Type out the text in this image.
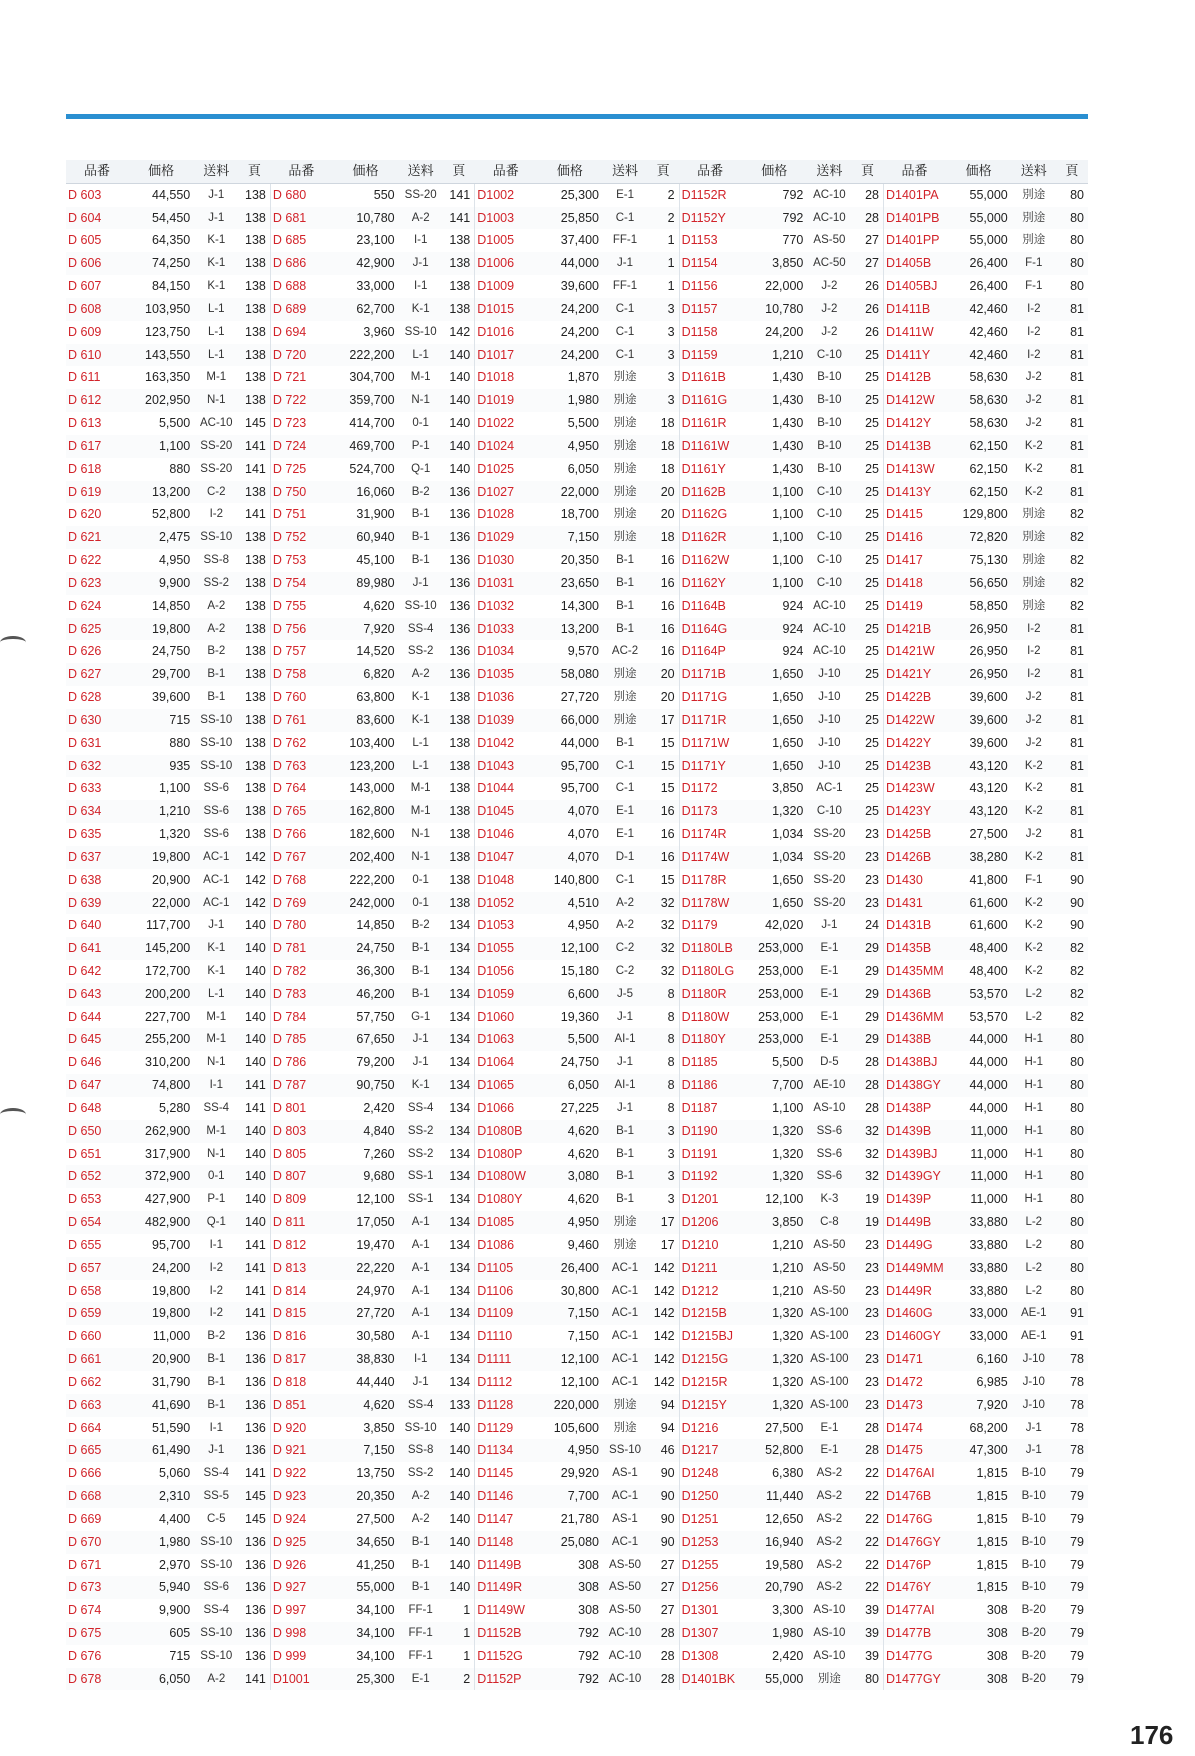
品番	価格	送料	頁	品番	価格	送料	頁	品番	価格	送料	頁	品番	価格	送料	頁	品番	価格	送料	頁
D 603	44,550	J-1	138	D 680	550	SS-20	141	D1002	25,300	E-1	2	D1152R	792	AC-10	28	D1401PA	55,000	別途	80
D 604	54,450	J-1	138	D 681	10,780	A-2	141	D1003	25,850	C-1	2	D1152Y	792	AC-10	28	D1401PB	55,000	別途	80
D 605	64,350	K-1	138	D 685	23,100	I-1	138	D1005	37,400	FF-1	1	D1153	770	AS-50	27	D1401PP	55,000	別途	80
D 606	74,250	K-1	138	D 686	42,900	J-1	138	D1006	44,000	J-1	1	D1154	3,850	AC-50	27	D1405B	26,400	F-1	80
D 607	84,150	K-1	138	D 688	33,000	I-1	138	D1009	39,600	FF-1	1	D1156	22,000	J-2	26	D1405BJ	26,400	F-1	80
D 608	103,950	L-1	138	D 689	62,700	K-1	138	D1015	24,200	C-1	3	D1157	10,780	J-2	26	D1411B	42,460	I-2	81
D 609	123,750	L-1	138	D 694	3,960	SS-10	142	D1016	24,200	C-1	3	D1158	24,200	J-2	26	D1411W	42,460	I-2	81
D 610	143,550	L-1	138	D 720	222,200	L-1	140	D1017	24,200	C-1	3	D1159	1,210	C-10	25	D1411Y	42,460	I-2	81
D 611	163,350	M-1	138	D 721	304,700	M-1	140	D1018	1,870	別途	3	D1161B	1,430	B-10	25	D1412B	58,630	J-2	81
D 612	202,950	N-1	138	D 722	359,700	N-1	140	D1019	1,980	別途	3	D1161G	1,430	B-10	25	D1412W	58,630	J-2	81
D 613	5,500	AC-10	145	D 723	414,700	0-1	140	D1022	5,500	別途	18	D1161R	1,430	B-10	25	D1412Y	58,630	J-2	81
D 617	1,100	SS-20	141	D 724	469,700	P-1	140	D1024	4,950	別途	18	D1161W	1,430	B-10	25	D1413B	62,150	K-2	81
D 618	880	SS-20	141	D 725	524,700	Q-1	140	D1025	6,050	別途	18	D1161Y	1,430	B-10	25	D1413W	62,150	K-2	81
D 619	13,200	C-2	138	D 750	16,060	B-2	136	D1027	22,000	別途	20	D1162B	1,100	C-10	25	D1413Y	62,150	K-2	81
D 620	52,800	I-2	141	D 751	31,900	B-1	136	D1028	18,700	別途	20	D1162G	1,100	C-10	25	D1415	129,800	別途	82
D 621	2,475	SS-10	138	D 752	60,940	B-1	136	D1029	7,150	別途	18	D1162R	1,100	C-10	25	D1416	72,820	別途	82
D 622	4,950	SS-8	138	D 753	45,100	B-1	136	D1030	20,350	B-1	16	D1162W	1,100	C-10	25	D1417	75,130	別途	82
D 623	9,900	SS-2	138	D 754	89,980	J-1	136	D1031	23,650	B-1	16	D1162Y	1,100	C-10	25	D1418	56,650	別途	82
D 624	14,850	A-2	138	D 755	4,620	SS-10	136	D1032	14,300	B-1	16	D1164B	924	AC-10	25	D1419	58,850	別途	82
D 625	19,800	A-2	138	D 756	7,920	SS-4	136	D1033	13,200	B-1	16	D1164G	924	AC-10	25	D1421B	26,950	I-2	81
D 626	24,750	B-2	138	D 757	14,520	SS-2	136	D1034	9,570	AC-2	16	D1164P	924	AC-10	25	D1421W	26,950	I-2	81
D 627	29,700	B-1	138	D 758	6,820	A-2	136	D1035	58,080	別途	20	D1171B	1,650	J-10	25	D1421Y	26,950	I-2	81
D 628	39,600	B-1	138	D 760	63,800	K-1	138	D1036	27,720	別途	20	D1171G	1,650	J-10	25	D1422B	39,600	J-2	81
D 630	715	SS-10	138	D 761	83,600	K-1	138	D1039	66,000	別途	17	D1171R	1,650	J-10	25	D1422W	39,600	J-2	81
D 631	880	SS-10	138	D 762	103,400	L-1	138	D1042	44,000	B-1	15	D1171W	1,650	J-10	25	D1422Y	39,600	J-2	81
D 632	935	SS-10	138	D 763	123,200	L-1	138	D1043	95,700	C-1	15	D1171Y	1,650	J-10	25	D1423B	43,120	K-2	81
D 633	1,100	SS-6	138	D 764	143,000	M-1	138	D1044	95,700	C-1	15	D1172	3,850	AC-1	25	D1423W	43,120	K-2	81
D 634	1,210	SS-6	138	D 765	162,800	M-1	138	D1045	4,070	E-1	16	D1173	1,320	C-10	25	D1423Y	43,120	K-2	81
D 635	1,320	SS-6	138	D 766	182,600	N-1	138	D1046	4,070	E-1	16	D1174R	1,034	SS-20	23	D1425B	27,500	J-2	81
D 637	19,800	AC-1	142	D 767	202,400	N-1	138	D1047	4,070	D-1	16	D1174W	1,034	SS-20	23	D1426B	38,280	K-2	81
D 638	20,900	AC-1	142	D 768	222,200	0-1	138	D1048	140,800	C-1	15	D1178R	1,650	SS-20	23	D1430	41,800	F-1	90
D 639	22,000	AC-1	142	D 769	242,000	0-1	138	D1052	4,510	A-2	32	D1178W	1,650	SS-20	23	D1431	61,600	K-2	90
D 640	117,700	J-1	140	D 780	14,850	B-2	134	D1053	4,950	A-2	32	D1179	42,020	J-1	24	D1431B	61,600	K-2	90
D 641	145,200	K-1	140	D 781	24,750	B-1	134	D1055	12,100	C-2	32	D1180LB	253,000	E-1	29	D1435B	48,400	K-2	82
D 642	172,700	K-1	140	D 782	36,300	B-1	134	D1056	15,180	C-2	32	D1180LG	253,000	E-1	29	D1435MM	48,400	K-2	82
D 643	200,200	L-1	140	D 783	46,200	B-1	134	D1059	6,600	J-5	8	D1180R	253,000	E-1	29	D1436B	53,570	L-2	82
D 644	227,700	M-1	140	D 784	57,750	G-1	134	D1060	19,360	J-1	8	D1180W	253,000	E-1	29	D1436MM	53,570	L-2	82
D 645	255,200	M-1	140	D 785	67,650	J-1	134	D1063	5,500	AI-1	8	D1180Y	253,000	E-1	29	D1438B	44,000	H-1	80
D 646	310,200	N-1	140	D 786	79,200	J-1	134	D1064	24,750	J-1	8	D1185	5,500	D-5	28	D1438BJ	44,000	H-1	80
D 647	74,800	I-1	141	D 787	90,750	K-1	134	D1065	6,050	AI-1	8	D1186	7,700	AE-10	28	D1438GY	44,000	H-1	80
D 648	5,280	SS-4	141	D 801	2,420	SS-4	134	D1066	27,225	J-1	8	D1187	1,100	AS-10	28	D1438P	44,000	H-1	80
D 650	262,900	M-1	140	D 803	4,840	SS-2	134	D1080B	4,620	B-1	3	D1190	1,320	SS-6	32	D1439B	11,000	H-1	80
D 651	317,900	N-1	140	D 805	7,260	SS-2	134	D1080P	4,620	B-1	3	D1191	1,320	SS-6	32	D1439BJ	11,000	H-1	80
D 652	372,900	0-1	140	D 807	9,680	SS-1	134	D1080W	3,080	B-1	3	D1192	1,320	SS-6	32	D1439GY	11,000	H-1	80
D 653	427,900	P-1	140	D 809	12,100	SS-1	134	D1080Y	4,620	B-1	3	D1201	12,100	K-3	19	D1439P	11,000	H-1	80
D 654	482,900	Q-1	140	D 811	17,050	A-1	134	D1085	4,950	別途	17	D1206	3,850	C-8	19	D1449B	33,880	L-2	80
D 655	95,700	I-1	141	D 812	19,470	A-1	134	D1086	9,460	別途	17	D1210	1,210	AS-50	23	D1449G	33,880	L-2	80
D 657	24,200	I-2	141	D 813	22,220	A-1	134	D1105	26,400	AC-1	142	D1211	1,210	AS-50	23	D1449MM	33,880	L-2	80
D 658	19,800	I-2	141	D 814	24,970	A-1	134	D1106	30,800	AC-1	142	D1212	1,210	AS-50	23	D1449R	33,880	L-2	80
D 659	19,800	I-2	141	D 815	27,720	A-1	134	D1109	7,150	AC-1	142	D1215B	1,320	AS-100	23	D1460G	33,000	AE-1	91
D 660	11,000	B-2	136	D 816	30,580	A-1	134	D1110	7,150	AC-1	142	D1215BJ	1,320	AS-100	23	D1460GY	33,000	AE-1	91
D 661	20,900	B-1	136	D 817	38,830	I-1	134	D1111	12,100	AC-1	142	D1215G	1,320	AS-100	23	D1471	6,160	J-10	78
D 662	31,790	B-1	136	D 818	44,440	J-1	134	D1112	12,100	AC-1	142	D1215R	1,320	AS-100	23	D1472	6,985	J-10	78
D 663	41,690	B-1	136	D 851	4,620	SS-4	133	D1128	220,000	別途	94	D1215Y	1,320	AS-100	23	D1473	7,920	J-10	78
D 664	51,590	I-1	136	D 920	3,850	SS-10	140	D1129	105,600	別途	94	D1216	27,500	E-1	28	D1474	68,200	J-1	78
D 665	61,490	J-1	136	D 921	7,150	SS-8	140	D1134	4,950	SS-10	46	D1217	52,800	E-1	28	D1475	47,300	J-1	78
D 666	5,060	SS-4	141	D 922	13,750	SS-2	140	D1145	29,920	AS-1	90	D1248	6,380	AS-2	22	D1476AI	1,815	B-10	79
D 668	2,310	SS-5	145	D 923	20,350	A-2	140	D1146	7,700	AC-1	90	D1250	11,440	AS-2	22	D1476B	1,815	B-10	79
D 669	4,400	C-5	145	D 924	27,500	A-2	140	D1147	21,780	AS-1	90	D1251	12,650	AS-2	22	D1476G	1,815	B-10	79
D 670	1,980	SS-10	136	D 925	34,650	B-1	140	D1148	25,080	AC-1	90	D1253	16,940	AS-2	22	D1476GY	1,815	B-10	79
D 671	2,970	SS-10	136	D 926	41,250	B-1	140	D1149B	308	AS-50	27	D1255	19,580	AS-2	22	D1476P	1,815	B-10	79
D 673	5,940	SS-6	136	D 927	55,000	B-1	140	D1149R	308	AS-50	27	D1256	20,790	AS-2	22	D1476Y	1,815	B-10	79
D 674	9,900	SS-4	136	D 997	34,100	FF-1	1	D1149W	308	AS-50	27	D1301	3,300	AS-10	39	D1477AI	308	B-20	79
D 675	605	SS-10	136	D 998	34,100	FF-1	1	D1152B	792	AC-10	28	D1307	1,980	AS-10	39	D1477B	308	B-20	79
D 676	715	SS-10	136	D 999	34,100	FF-1	1	D1152G	792	AC-10	28	D1308	2,420	AS-10	39	D1477G	308	B-20	79
D 678	6,050	A-2	141	D1001	25,300	E-1	2	D1152P	792	AC-10	28	D1401BK	55,000	別途	80	D1477GY	308	B-20	79
176
